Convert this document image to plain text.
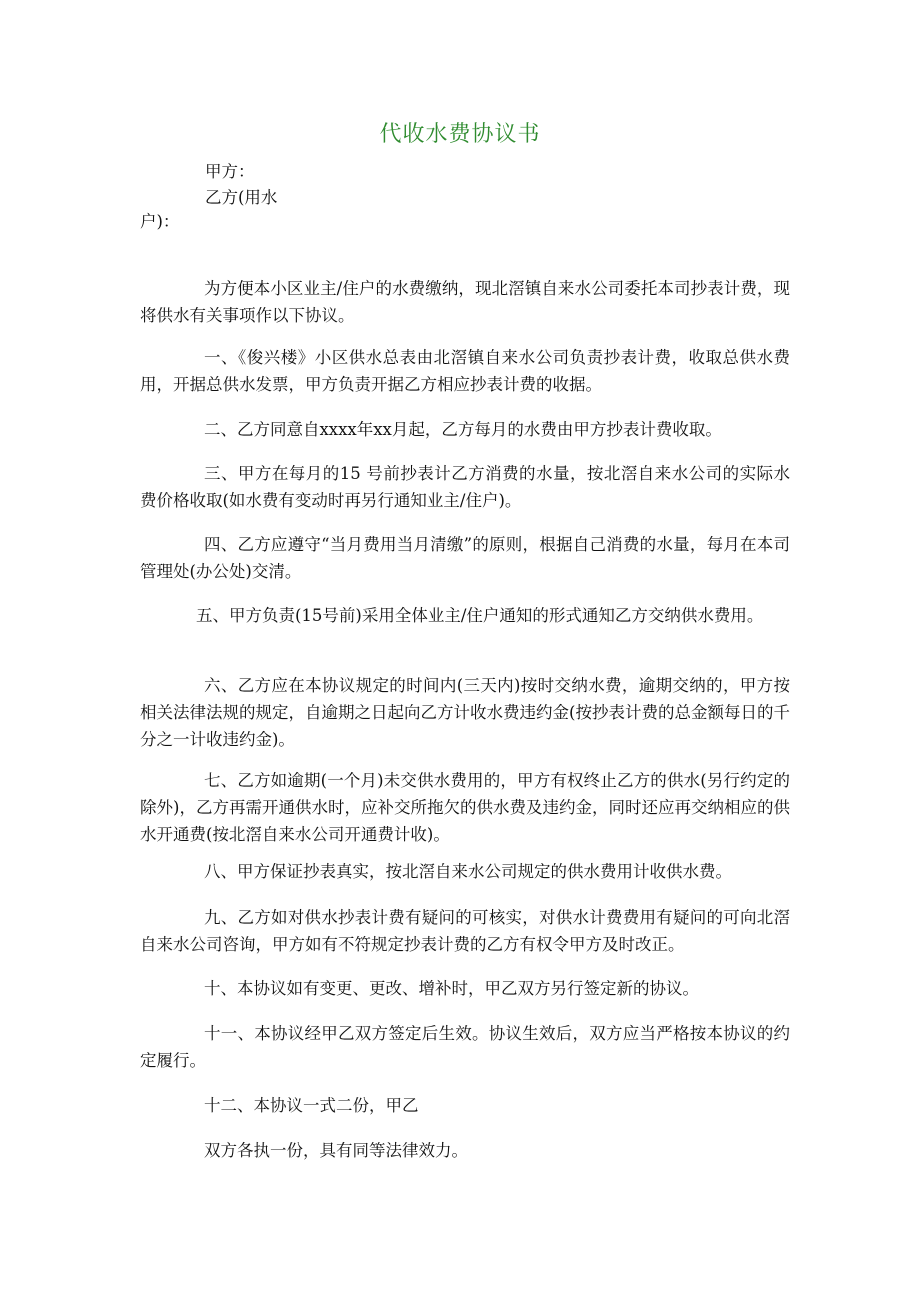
代收水费协议书
甲方：
乙方(用水
户)：
为方便本小区业主/住户的水费缴纳，现北滘镇自来水公司委托本司抄表计费，现将供水有关事项作以下协议。
一、《俊兴楼》小区供水总表由北滘镇自来水公司负责抄表计费，收取总供水费用，开据总供水发票，甲方负责开据乙方相应抄表计费的收据。
二、乙方同意自xxxx年xx月起，乙方每月的水费由甲方抄表计费收取。
三、甲方在每月的15 号前抄表计乙方消费的水量，按北滘自来水公司的实际水费价格收取(如水费有变动时再另行通知业主/住户)。
四、乙方应遵守“当月费用当月清缴”的原则，根据自己消费的水量，每月在本司管理处(办公处)交清。
五、甲方负责(15号前)采用全体业主/住户通知的形式通知乙方交纳供水费用。
六、乙方应在本协议规定的时间内(三天内)按时交纳水费，逾期交纳的，甲方按相关法律法规的规定，自逾期之日起向乙方计收水费违约金(按抄表计费的总金额每日的千分之一计收违约金)。
七、乙方如逾期(一个月)未交供水费用的，甲方有权终止乙方的供水(另行约定的除外)，乙方再需开通供水时，应补交所拖欠的供水费及违约金，同时还应再交纳相应的供水开通费(按北滘自来水公司开通费计收)。
八、甲方保证抄表真实，按北滘自来水公司规定的供水费用计收供水费。
九、乙方如对供水抄表计费有疑问的可核实，对供水计费费用有疑问的可向北滘自来水公司咨询，甲方如有不符规定抄表计费的乙方有权令甲方及时改正。
十、本协议如有变更、更改、增补时，甲乙双方另行签定新的协议。
十一、本协议经甲乙双方签定后生效。协议生效后，双方应当严格按本协议的约定履行。
十二、本协议一式二份，甲乙
双方各执一份，具有同等法律效力。
